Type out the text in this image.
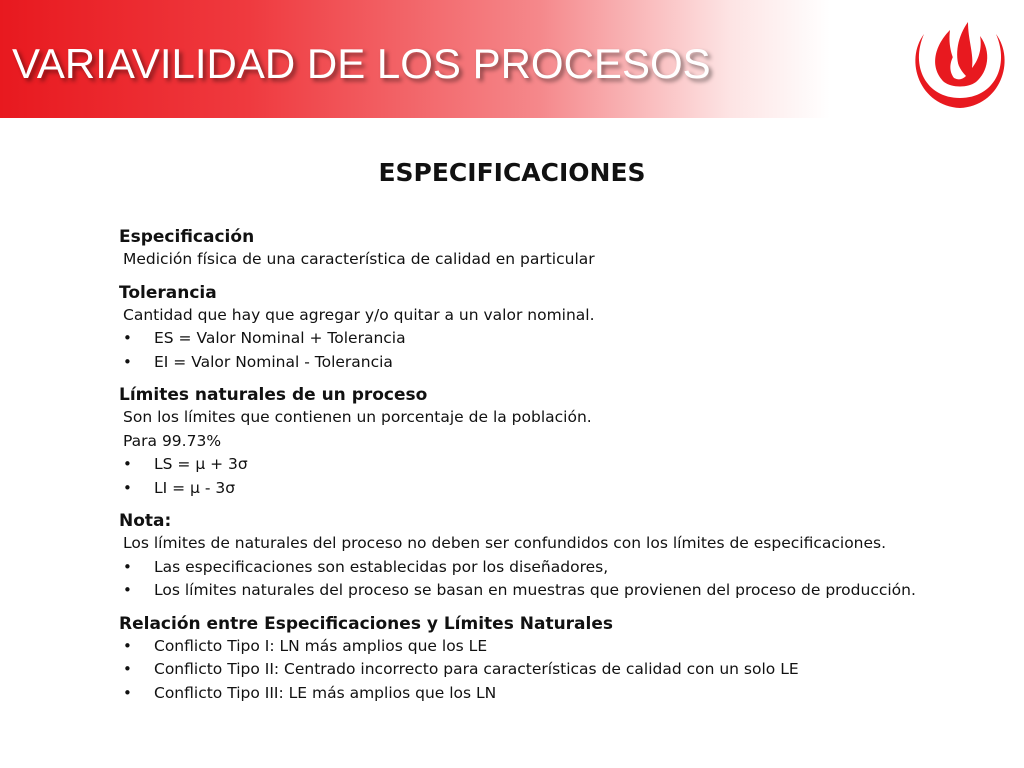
VARIAVILIDAD DE LOS PROCESOS
ESPECIFICACIONES
Especificación
Medición física de una característica de calidad en particular
Tolerancia
Cantidad que hay que agregar y/o quitar a un valor nominal.
• ES = Valor Nominal + Tolerancia
• EI = Valor Nominal - Tolerancia
Límites naturales de un proceso
Son los límites que contienen un porcentaje de la población.
Para 99.73%
• LS = μ + 3σ
• LI = μ - 3σ
Nota:
Los límites de naturales del proceso no deben ser confundidos con los límites de especificaciones.
• Las especificaciones son establecidas por los diseñadores,
• Los límites naturales del proceso se basan en muestras que provienen del proceso de producción.
Relación entre Especificaciones y Límites Naturales
• Conflicto Tipo I: LN más amplios que los LE
• Conflicto Tipo II: Centrado incorrecto para características de calidad con un solo LE
• Conflicto Tipo III: LE más amplios que los LN
